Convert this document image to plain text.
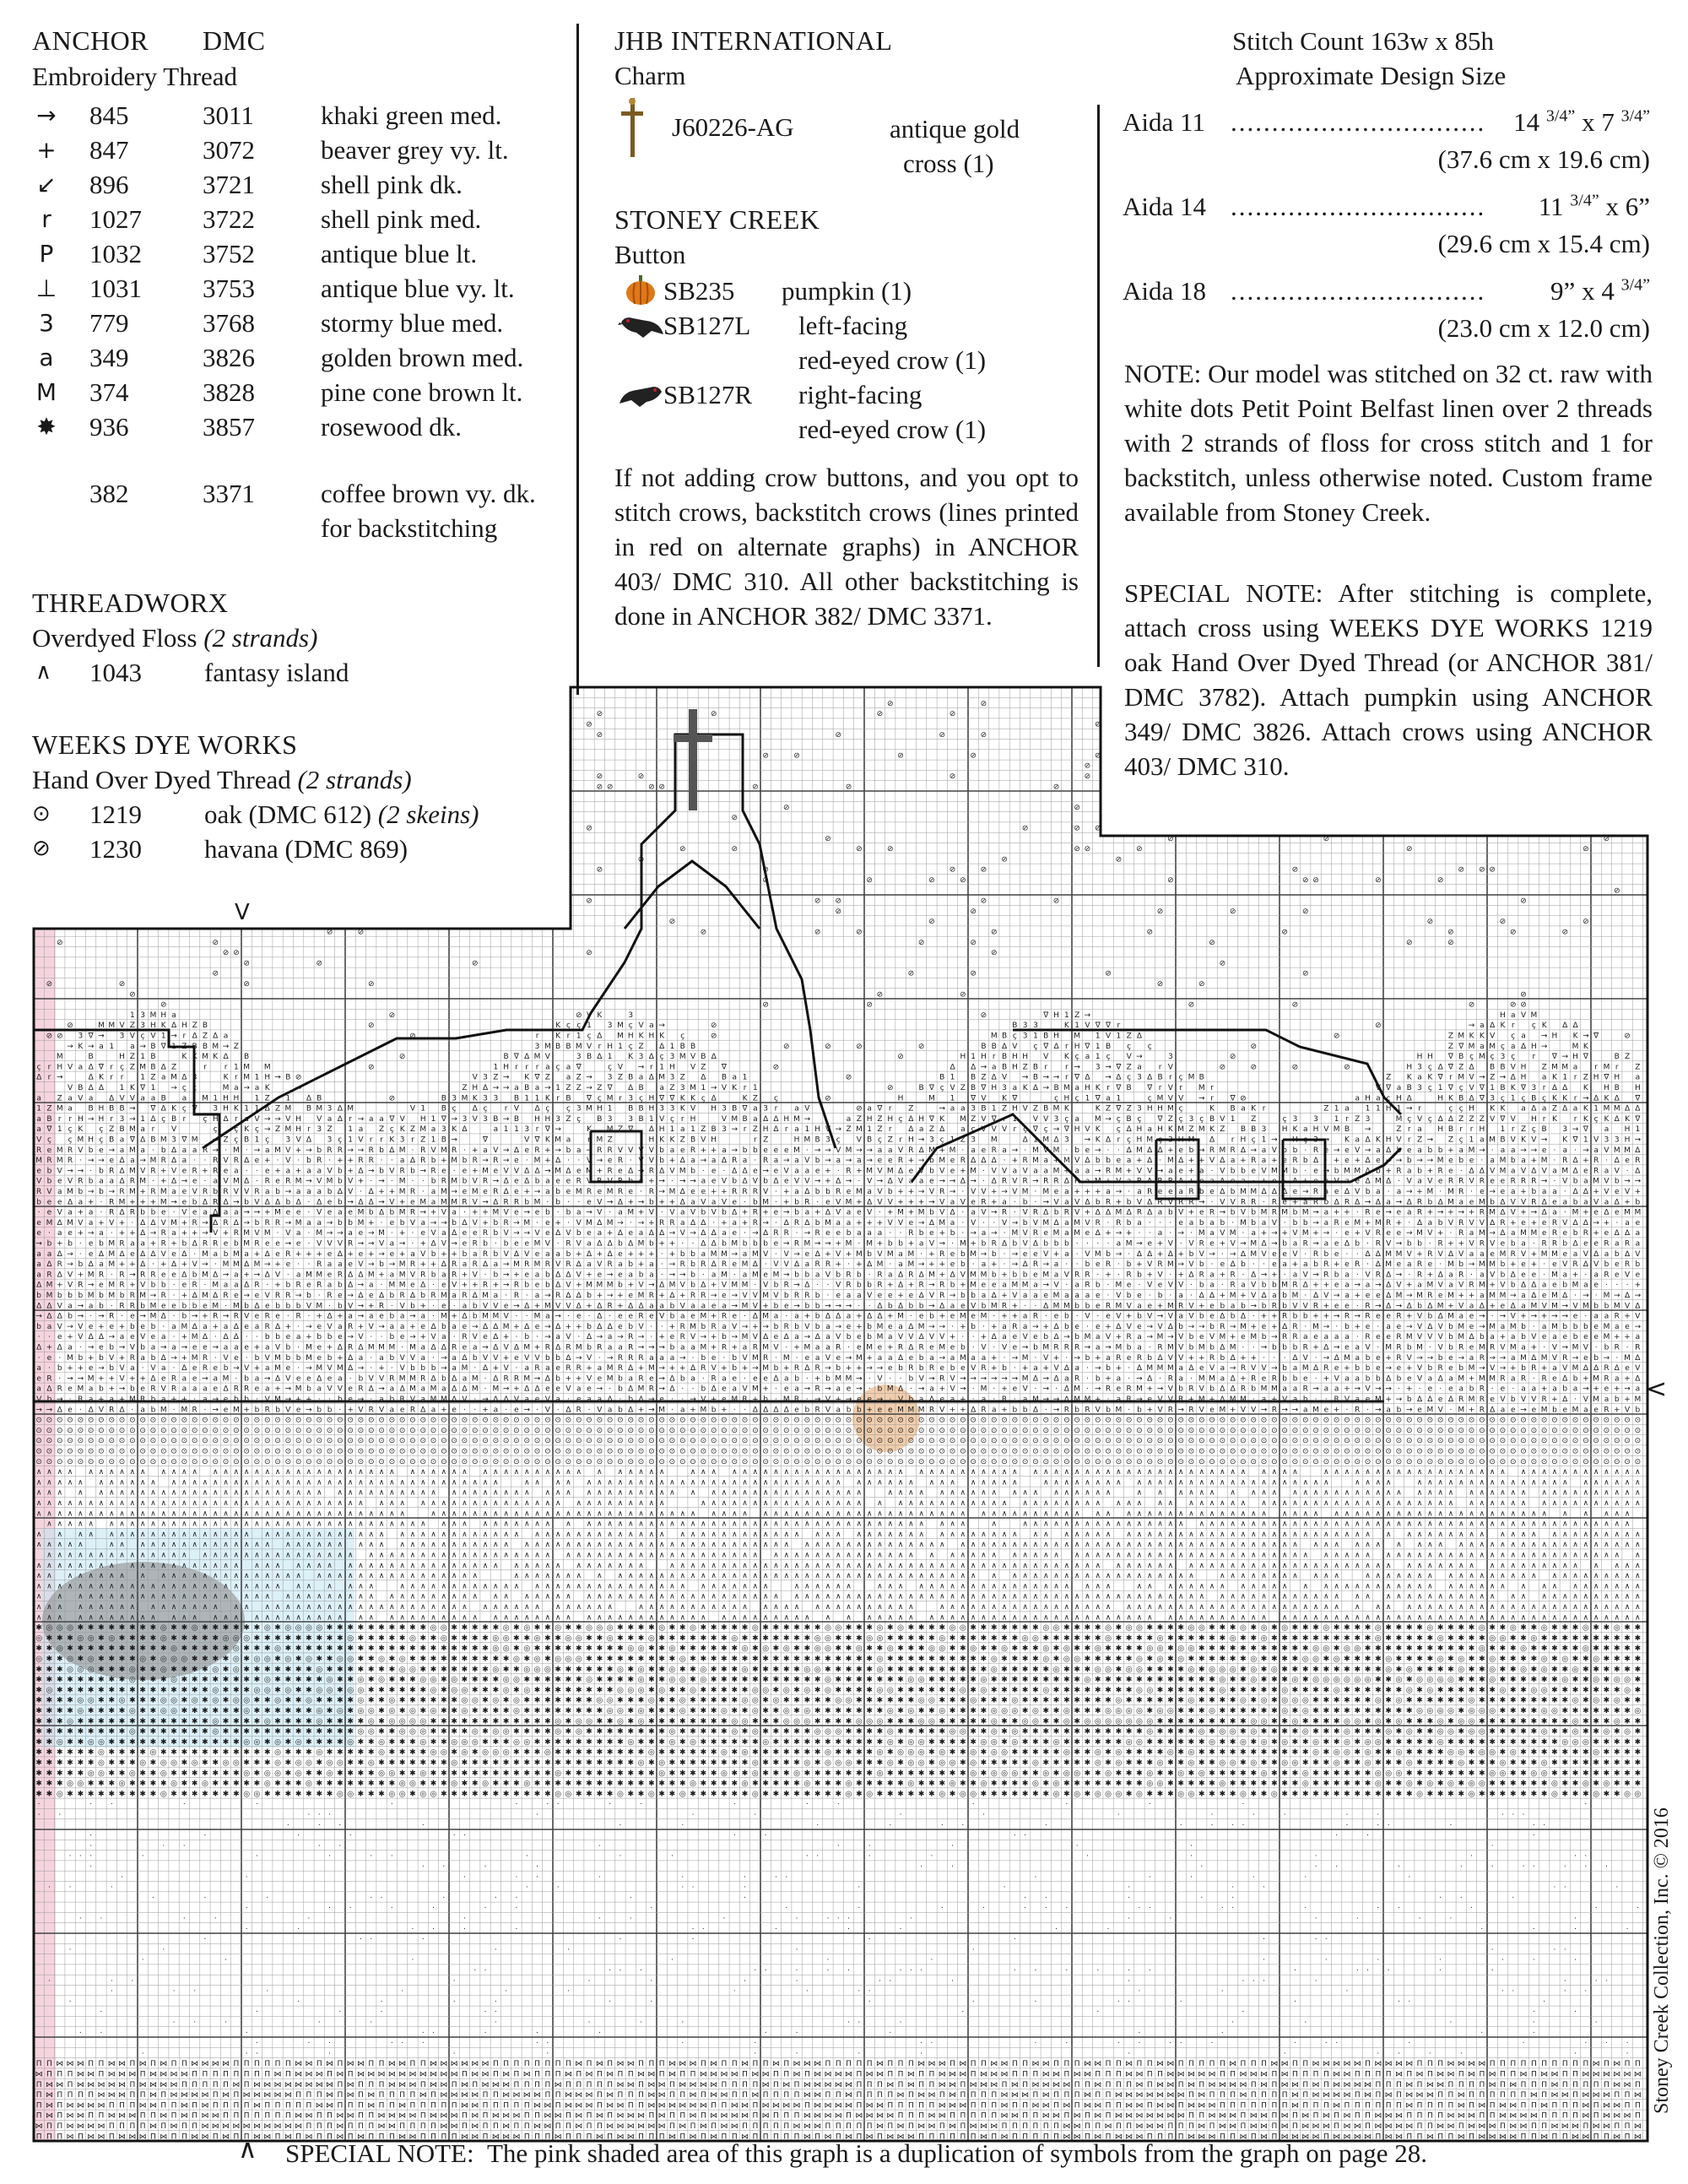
ANCHOR DMC
Embroidery Thread
→ 845	3011	khaki green med.
+ 847	3072	beaver grey vy. lt.
↙ 896	3721	shell pink dk.
r 1027 3722	shell pink med.
P 1032 3752	antique blue lt.
⊥ 1031 3753	antique blue vy. lt.
3 779	3768	stormy blue med.
a 349	3826	golden brown med.
M 374	3828	pine cone brown lt.
✸ 936	3857	rosewood dk.
382	3371	coffee brown vy. dk.
for backstitching
THREADWORX
Overdyed Floss (2 strands)
∧ 1043 fantasy island
WEEKS DYE WORKS
Hand Over Dyed Thread (2 strands)
⊙ 1219 oak (DMC 612) (2 skeins)
⊘ 1230 havana (DMC 869)
JHB INTERNATIONAL
Charm
J60226-AG	antique gold
cross (1)
STONEY CREEK
Button
SB235 pumpkin (1)
SB127L left-facing
red-eyed crow (1)
SB127R right-facing
red-eyed crow (1)
If not adding crow buttons, and you opt to stitch crows, backstitch crows (lines printed in red on alternate graphs) in ANCHOR 403/ DMC 310. All other backstitching is done in ANCHOR 382/ DMC 3371.
Stitch Count 163w x 85h
Approximate Design Size
Aida 11 .............................. 14 $^{3/4”}$ x 7 $^{3/4”}$
(37.6 cm x 19.6 cm)
Aida 14 .............................. 11 $^{3/4”}$ x 6”
(29.6 cm x 15.4 cm)
Aida 18 ..............................	9” x 4 $^{3/4”}$
(23.0 cm x 12.0 cm)
NOTE: Our model was stitched on 32 ct. raw with white dots Petit Point Belfast linen over 2 threads with 2 strands of floss for cross stitch and 1 for backstitch, unless otherwise noted. Custom frame available from Stoney Creek.
SPECIAL NOTE: After stitching is complete, attach cross using WEEKS DYE WORKS 1219 oak Hand Over Dyed Thread (or ANCHOR 381/ DMC 3782). Attach pumpkin using ANCHOR 349/ DMC 3826. Attach crows using ANCHOR 403/ DMC 310.
⊘	⊘
⊘	⊘	⊘	⊘
⊘	⊘
⊘	⊘	⊘	⊘
⊘	⊘	⊘	⊘	⊘
⊘
⊘	⊘	⊘	⊘
⊘ ⊘	⊘ ⊘	⊘	⊘	⊘
⊘	⊘
⊘
⊘	⊘	⊘ ⊘
⊘	⊘	⊘	⊘
⊘	⊘	⊘	⊘	⊘ ⊘	⊘	⊘	⊘
⊘	⊘	⊘
⊘	⊘	⊘	⊘	⊘	⊘ ⊘ ⊘
⊘	⊘	⊘	⊘	⊘	⊘ ⊘	⊘	⊘
⊘
⊘	⊘ ⊘	⊘	⊘	⊘
⊘	⊘	⊘	⊘	⊘
⊘	⊘	⊘	⊘	⊘
⊘	⊘	⊘	⊘	⊘	⊘	⊘	⊘	⊘	⊘	⊘
⊘	⊘	⊘	⊘	⊘	⊘	⊘
⊘ ⊘	⊘	⊘
⊘	⊘	⊘	⊘
⊘	⊘	⊘	⊘	⊘
⊘	⊘	⊘	⊘	⊘	⊘
⊘	⊘	⊘	⊘
⊘	⊘	⊘	⊘	⊘	⊘	⊘ ⊘
1 3 M H a	⊘	⊘ V K	3	⊘	∇ H 1 Z →	H a V M
⊘	M M V Z 3 H K Δ H Z B	⊘	K ç ç 1 3 M ç V a →	⊘	B 3 3	K 1 V ∇ ∇ r	⊘	→ a Δ K r ç K Δ Δ
⊘ ⊘ 3 ∇ → 3 V ç V 1 → r Δ Z Δ a	⊘	r K r 1 ç Δ M H K H K ç	⊘	M B ç 3 1 B H M 1 V 1 Z Δ	⊘	Z M K K V ç a → H K → ∇	⊘
→ K → a 1 a → B ∇ 1 Z B B M → Z	3 M B B M V r H 1 ç Z Δ 1 B B	⊘	⊘	⊘	⊘	B B Δ V ç ∇ Δ r H ∇ 1 B ç ç	⊘	Z ∇ M a M ç a Δ H →	M K
M	B	H Z 1 B	K K M K Δ B	⊘	B ∇ Δ M V	3 B Δ 1 K 3 Δ ç 3 M V B Δ	⊘	H 1 H r B H H V K ç a 1 ç V →	3	⊘	H H ∇ B ç M ç 3 ç r ∇ → H ∇	B Z
ç r H V a Δ ∇ r ç Z M B Δ Z	r r 1 M M	⊘	1 H r r r a ç a ∇	ç V → r 1 H V Z ∇	⊘	Δ Δ → a B H Z B r r → 3 → ∇ Z a r V	⊘	⊘	⊘	⊘	H 3 ç Δ ∇ Z Δ B B V H Z M M a r M r Z
Δ r →	Δ K r r 1 Z a M Δ 3	K r M 1 H → B ⊘	V 3 Z → K ∇ Z a Z → 3 Z B a Δ M 3 Z Δ B a 1	⊘	B 1 B Z Δ V → B → → r ∇ Δ → Δ ç 3 Δ B r ç M B	Z K a K ∇ r M V → Z → Δ H a K 1 r Z H ∇ H a
V B Δ Δ 1 K ∇ 1 → ç ç	M a → a K	→	Z H Δ → → a B a → 1 Z Z → Z ∇ Δ B a Z 3 M 1 → V K r 1	⊘	B ∇ ç V Z B ∇ H 3 a K Δ → B M a H K r ∇ B ∇ r V r M r	V ∇ a B 3 ç 1 ∇ ç V ∇ 1 B K ∇ 3 r Δ Δ K H B H
a Z a V a Δ V V a a B a M 1 H H 1 Z 1 Δ B	⊘	B 3 M K 3 3 B 1 1 K r B ∇ ç M r 3 ç H ∇ ∇ K K ç Δ	K Z ç	⊘	H	M 1 ∇ V K ∇	ç H ç 1 ∇ a 1	ç M V V → r ∇ ⊘	a H a ç H Δ	H K B Δ ∇ 3 ç 1 ç B ç K K r → Δ K Δ ∇
1 Z M a B H B B → ∇ Δ K ç ∇ 3 H K 1 1 Δ Z M B M 3 Δ M	V 1 B ç Δ ç r V Δ ç ç 3 M H 1 B B H 3 3 K V H 3 B ∇ a 3 r a V	⊘ a ∇ r Z	→ a a 3 B 1 Z H V Z B M K	K Z ∇ Z 3 H H M ç	K B a K r	Z 1 a 1 1 H 1 → r	ç ç H K K a Δ a Z Δ a K 1 M M Δ Δ
a B r r H → H r 3 → 1 Δ ç B r ç H Δ r a V → → V H V a Δ r → a a ∇ V H 1 ∇ → 3 V 3 B → B H H 3 Z ç B 3 3 B 1 V ç r H	V M B a Δ Δ H M →	a Z H Z H ç Δ H ∇ K M Z V ∇ r 1 V V 3 ç a M → ç B ç ∇ Z ç 3 ç B V 1 Z	ç 3 3 1 r Z 3	M ç V ç Δ Δ Z Z Z V ∇ V H r K r K ç K Δ K ∇
a ∇ 1 ç K ç Z B M a r V	ç ç K ç → Z M H r 3 Z 1 a Z ç K Z M a 3 K Δ	a 1 1 3 r ∇ →	K M Z ∇ Δ H 1 a 1 Z B 3 → r Z H Δ r a 1 H V → Z M 1 Z r Δ a Z Δ a ç V V V r ç ∇ ç → ∇ H V K ç Δ H a H K M Z M K Z B B 3 H K a H V M B →	Z r a H B r r H 1 r Z ç B 3 → ∇ a H 1
V ç ç M H ç B a ∇ Δ B M 3 ∇ M → Z ç B 1 ç 3 V Δ 3 ç 1 V r r K 3 r Z 1 B →	∇	V ∇ K M a r M Z	H K K Z B V H	r Z	H M B 3 ç V B ç Z r H → 3 ç 1 Z 3 M	Δ 1 M Δ 3 → K Δ r ç H M ç 3 H M Δ r H ç 1 → H ç 3 → K a Δ K H V r Z → Z ç 1 a M B V K V → K ∇ 1 V 3 3 H →
R e M R V b e → a M a · b Δ a a R → · M · → a M V + → b R R → → R b Δ M · R V M R · + a V → Δ e R + → b a → R R V V V V b a e R + + a → b b e e e M · → → V M → → a a V R Δ M + M · a e R a → · M V M · b e → · · Δ M Δ Δ + e b → R M R Δ → a V b b · R e → e V → a Δ b e a b b + a M → · a a → → e · a · → a V M M Δ
M R M R · → → e Δ a → M R Δ a · · R V R Δ e + · V · b R · + + R R · · a Δ R b + M b R → R → e · M + Δ · · V → e R · V V b + Δ a → a Δ R a · R a → a V b → a → a → e e R + → b M e R Δ Δ Δ · + R M a + M V Δ b b e a + Δ · M Δ + + V Δ a + R a + e R b Δ · + e + Δ e → → b → → M e b e · a M b a + M · R Δ + R · Δ e R
e b V → → · b R Δ M V R + V e R + R e a · · e + a + a a V b + Δ → b V R b → R e · e + M e V V Δ Δ → M Δ e M + R e Δ → R Δ V M b · e · Δ Δ e → e V a a e + · R + M V M Δ e V b V e + M · V V a V a a M + a a → R M + V V → a e + a · V b b e V M M b · e → b M M Δ b + R a b + R e · Δ Δ V M a V Δ V a M Δ e R a V · Δ
V b e V R b a a Δ R M · + Δ → e · a V M Δ · R e R M → V M b V + · → · M · · b R M b V R → Δ e Δ b a e e R V R V R b e + → · → → a e V b Δ V b Δ e V V → + Δ → · V → Δ V a a e → → Δ → · Δ R V R → R R Δ R a M + V a R Δ R R Δ + e a Δ e a · + e · Δ + e a V a e Δ M Δ · V a V e R R V R e e R R R → · V b a M V b → →
R V a M b → b → R M + R M a e V R b R V V R a b → a a a b Δ V · Δ + + M R · a M → e M e R Δ e + → a b e M R e M R e · R → M Δ e e + + R R R V · + a Δ b b R e M a V b + + → V R → · V V + → V M · M e a + + + a → · a R e e a R b e Δ b M M Δ Δ Δ e → R a e Δ V b a · a → + M · M R · e → e a + b a a · Δ Δ + V e V +
b e e Δ a + · R M + + + M → e b Δ R Δ → b V Δ Δ b Δ · Δ e b → Δ Δ → V + e M a M M R V → Δ R R b M · b · · e V → Δ + → b + + Δ a V a V e · b M · + b R · e V M + Δ V V + + + → V a V e R + a · b · → V a V Δ b R + b V Δ R V R R → · V V R R · R e + a R b Δ R Δ → Δ a → Δ R b Δ M a e M b Δ V V R Δ e a b a V a Δ + b
· e V a + a · R Δ R b b e · V e a Δ a a → → + M e e · V e a e M b Δ b M R → + V a · + + M V e → e b · b a → V · a M + V · V a V b V b Δ + R + e → b a + Δ V a e V · + M + M b V Δ · a V → R · V R Δ b R V + Δ Δ M Δ R Δ a b V + e R → b V b M R M b M → a + + · R e → e a R + → + → + R M Δ V + → Δ a · M + e Δ e M M
e M Δ M V a + V + · Δ Δ V M + R → Δ R Δ → b R R → M a a → b b M + · e b V a → → b Δ V + b R → M · e + · V M Δ M → · → + R R a Δ Δ · + a + R → · Δ R Δ b M a a + + + V V e → Δ M a · V · · V → b V M Δ a M V R · R b a · · · e a b a b · M b a V · b b → a R e M + M R + · Δ a b V R V V Δ R + e + e R V Δ Δ → + · a e
e · a e + → a · + + Δ → R a + + → V + R M V M · V a · M → → a e → M · + · e V a Δ e e R b V → → V e Δ V b e a + Δ e a Δ Δ → V → Δ Δ a e · → Δ R R · → R e e b a a a · · R b e + b · → a → · M V R e M a M e Δ + → + · · a · → · M a V M · a + → + V M + → · e + V R e e → M V + · R a M → Δ a M M e R e b R + e Δ Δ a
→ b + b · e b M R a a + R + b Δ R R e b M R e e → e · V V V R → → V a → · + Δ V → e R b · b e e M V · R V a Δ Δ b Δ M b + + · · Δ Δ b M b b b e → R M → → + M · M + b b + a V → · M + b R Δ b V Δ b b b · · · · a M → e + V · V R e + V → M Δ → b a R → a e Δ b · R V → b b · R + + V R V e b a · R R b Δ e e R a R a
a a Δ → · e Δ M Δ e Δ Δ V e Δ · M a b M a + Δ e R + + + e Δ + e + → e + a V b + + b a R b V Δ V e a a b + Δ + Δ e + + + · + b b a M M → a M V · V → e Δ + V + M b V M a M · + R e b M → b · → e e V + a · V M b → · Δ Δ + Δ + b V → · → Δ M V e e V · R b e · · Δ Δ M M V + R V Δ V a a e M R V + M M e a V Δ a b Δ V
a Δ R → b Δ a M + + Δ · + Δ + V → · M M Δ M → + e · · R a a e V → b → M R + + Δ R a R Δ a → M R M R V R Δ a V R a b + a · → R b R Δ R e M Δ · V V Δ a R R + · + Δ M · a M → + + e b · a + · → Δ R → a · · b e R · b + V R M → V b · e Δ b · · e a + a b R + e R · Δ M e a R e · M b → M M b + e + · e V R Δ V b e R b
a R Δ V + M R · R → R R e e Δ b M Δ → a + → Δ V · a M M e R Δ Δ M + a M V R b a R + V · b → + e a b Δ Δ V + e → e a b a · → → b · a M · a M e M → b b a V b R b · R a Δ R Δ M + Δ V M M b + b b e M a V R R · + · R b + V · + Δ R a + R · Δ → + · a V → R b a · V R Δ → · R + Δ a R · a V b Δ e e · M a + · a R e V e
Δ M + V R → e M R + V b b · e R · M a a Δ R · + b R e R a b Δ → a · M M e Δ · e V + + R + → R b e b Δ V + M M M b + V → Δ M V b Δ + V M M · V b R → Δ · · V R b b R + Δ + R → R b + M e e a M M a → V · a R b · M e · V e V V · b a · R a V b b M R Δ + + e a → a → Δ V + a M V a V R M + V b Δ Δ a e b M a e · · · +
b M b b b M b M b R M → R · + Δ M Δ R e → e V R R → b · R e → Δ e Δ b R Δ b R M a R Δ M a · R · a → R Δ Δ b + → + e M R + Δ + R R → e → V V M V b R R b · e a a V e e + e Δ V R → b b a Δ + V a a e M a a a e · V b e · b · a · Δ Δ + M + V Δ a b M · Δ V → a + e e Δ M → M R e M + + a M M → a Δ e M Δ · → · M → Δ →
Δ Δ V a → a b · R R b M e e b b e M · M b Δ e b b b V M · b V → + R · V b + · e · a b V V e → Δ + M V V Δ + Δ R + Δ Δ a a b V a a e a → M V + b e → b b → → → · · Δ b Δ b b → Δ a e V b M R + · · Δ M M b b e R M V a e + M R V + e b a b → b R b V V R + e e · R → Δ → Δ b Δ M + V a Δ + e Δ a M V M → V M b b M V Δ
→ Δ Δ b → · → R · e → M Δ · b → + R → R V e R e · R · + Δ + a → a e b a → a · M + Δ b M M V · · M a → · e · Δ · e e R e V b a e M + R e · Δ M a · a + b Δ Δ a + Δ Δ + M · e b + e M e M · + + a R · e b · V · e V + b V → V a V b e Δ b Δ · + + R b b + + → R → R e e R + V b Δ M a e → · → V + → + → → e · a a R + V
b a V → V e + e + b e b · a M Δ a + a Δ e a R Δ + · → e V a R + V → a a + e Δ b a e → Δ Δ M + Δ e → Δ + + b Δ Δ e b V · · + R M b R a V → + → b R b V b a → e + b M e a Δ M → → · + b · + a R a → + Δ b e · e + Δ V e → V Δ b → → b R → M + e + Δ R · M → · b + e · a e → V Δ V b M e → M a M b · a M b b b e M a e →
· · e + V Δ Δ → a e V e a · + M Δ · Δ Δ · · b b e a + b b e → V · · b e → + V a · R V e Δ + · b · → a V · Δ → a → R → · + e R V → + b → M V Δ e Δ a → Δ a V b e b M a V V Δ V V + · · + Δ a e V e b Δ → b M a V + R a → M → V b e V M + e M b → R R a e a a a · R e e R M V V V b M Δ b a + a b V e a e b e e M + + a
Δ + Δ a · → e b → V b a → a → e e → a a e + a V b · M e + Δ R Δ M M M · M a Δ Δ R e a → Δ V Δ M + R Δ R M b R a a R → → → b a a M + R + a R M V · + M a a R · e M e + R Δ R e M e b · V · V e → b M R R R → a → M b a · R M V b M b Δ M · · → b b b R + Δ → e a V · M R b M · V b R e M R V M a + · V → M V · b R · R
· e · M b + b V + R a b Δ → + M R · V e · b V M b b M e b + Δ a · a b V V a · → a Δ b V V + e V V b b Δ → V · → R R R a a a → · b e · b V M R · M · e a V e → M + a a Δ e b a → a M a a + · → M · V + · → b + a R e R b Δ V V + + R b Δ + + · · · Δ V · → Δ M a b e + R V → → b e → a R → → a M Δ M V R → e b → · M Δ
a · b + + e → b V a · V a · Δ e R e b → V + a M e · → M V M Δ → · + · V b b b → a M · Δ + V · a R a e R R + a M R Δ + M → + + Δ R V + b + → M b + R Δ R → b + + → → e b R b R e b e V R + b · + a + V Δ a · → b + · Δ M M M a Δ e V a → R V V → b a M Δ R e + b b e → e + V b R e b M → V → + b R + a V M Δ Δ R Δ e V
e R · → → M + + V + + Δ e R a e → a M · b a → Δ V e e Δ e a · b V V R M M R Δ b Δ a M · Δ R R M → Δ b + + V e M b a R e → Δ b a · R a e · e e Δ a b · + b M M → · V · · b V → R V → → → → → → M Δ → Δ a R · b + a · → Δ · R a · M M a Δ + R e R b b e · + V a a b b Δ b e V a Δ a M + M M R a R · R e Δ b + M R a + Δ
a Δ R e M a b + → b e R V R a a a e Δ R R e a + → M b a V V e R Δ → a Δ M a M a Δ Δ M · M → + Δ Δ e e V a e → · b Δ M R → Δ · · b Δ e a V M + · e a → R → a e → · b M Δ · → a + V → · M · + e V · → · Δ M · → R e R M + → V b R V b Δ Δ R b M M a a R → a a + → V → → · + · e · e a b R · e · a a + a b a → + e + → a
V b → · R a + a + M R b a + + · a → e b b · V M → + + · · b e → · a b R V a M M Δ V · → Δ Δ V a e V a · e a a Δ · b Δ → e · · → V + e M R + b · M R · → V + → e e → · V b a Δ e a + · a · R · a M → → Δ M M + · a R → e V V R + M + Δ M M · a + V a b · · R V a e M + → b Δ Δ e Δ R M R e V b V V R + Δ · V M a b + M
→ → Δ e · Δ V R Δ · a b M · M R · → e M + b R b V e → b b · + V R V a e R Δ a + e · · + a · e → · V · Δ R · V a b Δ + → M · a + M b + · · Δ Δ Δ Δ e b R V a b b + e e M M M R V + + Δ R a + b b Δ · → R b R V b M · b + V R → R V e M + V V → R → → a M e + · R · → a b → e M V · M + R Δ a e → e M b e M a e R + V b
⊙ ⊙ ⊙ ⊙ ⊙ ⊙ ⊙ ⊙ ⊙ ⊙ ⊙ ⊙ ⊙ ⊙ ⊙ ⊙ ⊙ ⊙ ⊙ ⊙ ⊙ ⊙ ⊙ ⊙ ⊙ ⊙ ⊙ ⊙ ⊙ ⊙ ⊙ ⊙ ⊙ ⊙ ⊙ ⊙ ⊙ ⊙ ⊙ ⊙ ⊙ ⊙ ⊙ ⊙ ⊙ ⊙ ⊙ ⊙ ⊙ ⊙ ⊙ ⊙ ⊙ ⊙ ⊙ ⊙ ⊙ ⊙ ⊙ ⊙ ⊙ ⊙ ⊙ ⊙ ⊙ ⊙ ⊙ ⊙ ⊙ ⊙ ⊙ ⊙ ⊙ ⊙ ⊙ ⊙ ⊙ ⊙ ⊙ ⊙ ⊙ ⊙ ⊙ ⊙ ⊙ ⊙ ⊙ ⊙ ⊙ ⊙ ⊙ ⊙ ⊙ ⊙ ⊙ ⊙ ⊙ ⊙ ⊙ ⊙ ⊙ ⊙ ⊙ ⊙ ⊙ ⊙ ⊙ ⊙ ⊙ ⊙ ⊙ ⊙ ⊙ ⊙ ⊙ ⊙ ⊙ ⊙ ⊙ ⊙ ⊙ ⊙ ⊙ ⊙ ⊙ ⊙ ⊙ ⊙ ⊙ ⊙ ⊙ ⊙ ⊙ ⊙ ⊙ ⊙ ⊙ ⊙ ⊙ ⊙ ⊙ ⊙ ⊙ ⊙ ⊙ ⊙ ⊙ ⊙ ⊙ ⊙ ⊙ ⊙ ⊙ ⊙ ⊙
⊙ ⊙ ⊙ ⊙ ⊙ ⊙ ⊙ ⊙ ⊙ ⊙ ⊙ ⊙ ⊙ ⊙ ⊙ ⊙ ⊙ ⊙ ⊙ ⊙ ⊙ ⊙ ⊙ ⊙ ⊙ ⊙ ⊙ ⊙ ⊙ ⊙ ⊙ ⊙ ⊙ ⊙ ⊙ ⊙ ⊙ ⊙ ⊙ ⊙ ⊙ ⊙ ⊙ ⊙ ⊙ ⊙ ⊙ ⊙ ⊙ ⊙ ⊙ ⊙ ⊙ ⊙ ⊙ ⊙ ⊙ ⊙ ⊙ ⊙ ⊙ ⊙ ⊙ ⊙ ⊙ ⊙ ⊙ ⊙ ⊙ ⊙ ⊙ ⊙ ⊙ ⊙ ⊙ ⊙ ⊙ ⊙ ⊙ ⊙ ⊙ ⊙ ⊙ ⊙ ⊙ ⊙ ⊙ ⊙ ⊙ ⊙ ⊙ ⊙ ⊙ ⊙ ⊙ ⊙ ⊙ ⊙ ⊙ ⊙ ⊙ ⊙ ⊙ ⊙ ⊙ ⊙ ⊙ ⊙ ⊙ ⊙ ⊙ ⊙ ⊙ ⊙ ⊙ ⊙ ⊙ ⊙ ⊙ ⊙ ⊙ ⊙ ⊙ ⊙ ⊙ ⊙ ⊙ ⊙ ⊙ ⊙ ⊙ ⊙ ⊙ ⊙ ⊙ ⊙ ⊙ ⊙ ⊙ ⊙ ⊙ ⊙ ⊙ ⊙ ⊙ ⊙ ⊙ ⊙ ⊙ ⊙ ⊙ ⊙ ⊙ ⊙ ⊙
⊙ ⊙ ⊙ ⊙ ⊙ ⊙ ⊙ ⊙ ⊙ ⊙ ⊙ ⊙ ⊙ ⊙ ⊙ ⊙ ⊙ ⊙ ⊙ ⊙ ⊙ ⊙ ⊙ ⊙ ⊙ ⊙ ⊙ ⊙ ⊙ ⊙ ⊙ ⊙ ⊙ ⊙ ⊙ ⊙ ⊙ ⊙ ⊙ ⊙ ⊙ ⊙ ⊙ ⊙ ⊙ ⊙ ⊙ ⊙ ⊙ ⊙ ⊙ ⊙ ⊙ ⊙ ⊙ ⊙ ⊙ ⊙ ⊙ ⊙ ⊙ ⊙ ⊙ ⊙ ⊙ ⊙ ⊙ ⊙ ⊙ ⊙ ⊙ ⊙ ⊙ ⊙ ⊙ ⊙ ⊙ ⊙ ⊙ ⊙ ⊙ ⊙ ⊙ ⊙ ⊙ ⊙ ⊙ ⊙ ⊙ ⊙ ⊙ ⊙ ⊙ ⊙ ⊙ ⊙ ⊙ ⊙ ⊙ ⊙ ⊙ ⊙ ⊙ ⊙ ⊙ ⊙ ⊙ ⊙ ⊙ ⊙ ⊙ ⊙ ⊙ ⊙ ⊙ ⊙ ⊙ ⊙ ⊙ ⊙ ⊙ ⊙ ⊙ ⊙ ⊙ ⊙ ⊙ ⊙ ⊙ ⊙ ⊙ ⊙ ⊙ ⊙ ⊙ ⊙ ⊙ ⊙ ⊙ ⊙ ⊙ ⊙ ⊙ ⊙ ⊙ ⊙ ⊙ ⊙ ⊙ ⊙ ⊙ ⊙ ⊙ ⊙ ⊙
⊙ ⊙ ⊙ ⊙ ⊙ ⊙ ⊙ ⊙ ⊙ ⊙ ⊙ ⊙ ⊙ ⊙ ⊙ ⊙ ⊙ ⊙ ⊙ ⊙ ⊙ ⊙ ⊙ ⊙ ⊙ ⊙ ⊙ ⊙ ⊙ ⊙ ⊙ ⊙ ⊙ ⊙ ⊙ ⊙ ⊙ ⊙ ⊙ ⊙ ⊙ ⊙ ⊙ ⊙ ⊙ ⊙ ⊙ ⊙ ⊙ ⊙ ⊙ ⊙ ⊙ ⊙ ⊙ ⊙ ⊙ ⊙ ⊙ ⊙ ⊙ ⊙ ⊙ ⊙ ⊙ ⊙ ⊙ ⊙ ⊙ ⊙ ⊙ ⊙ ⊙ ⊙ ⊙ ⊙ ⊙ ⊙ ⊙ ⊙ ⊙ ⊙ ⊙ ⊙ ⊙ ⊙ ⊙ ⊙ ⊙ ⊙ ⊙ ⊙ ⊙ ⊙ ⊙ ⊙ ⊙ ⊙ ⊙ ⊙ ⊙ ⊙ ⊙ ⊙ ⊙ ⊙ ⊙ ⊙ ⊙ ⊙ ⊙ ⊙ ⊙ ⊙ ⊙ ⊙ ⊙ ⊙ ⊙ ⊙ ⊙ ⊙ ⊙ ⊙ ⊙ ⊙ ⊙ ⊙ ⊙ ⊙ ⊙ ⊙ ⊙ ⊙ ⊙ ⊙ ⊙ ⊙ ⊙ ⊙ ⊙ ⊙ ⊙ ⊙ ⊙ ⊙ ⊙ ⊙ ⊙ ⊙ ⊙ ⊙ ⊙ ⊙ ⊙
⊙ ⊙ ⊙ ⊙ ⊙ ⊙ ⊙ ⊙ ⊙ ⊙ ⊙ ⊙ ⊙ ⊙ ⊙ ⊙ ⊙ ⊙ ⊙ ⊙ ⊙ ⊙ ⊙ ⊙ ⊙ ⊙ ⊙ ⊙ ⊙ ⊙ ⊙ ⊙ ⊙ ⊙ ⊙ ⊙ ⊙ ⊙ ⊙ ⊙ ⊙ ⊙ ⊙ ⊙ ⊙ ⊙ ⊙ ⊙ ⊙ ⊙ ⊙ ⊙ ⊙ ⊙ ⊙ ⊙ ⊙ ⊙ ⊙ ⊙ ⊙ ⊙ ⊙ ⊙ ⊙ ⊙ ⊙ ⊙ ⊙ ⊙ ⊙ ⊙ ⊙ ⊙ ⊙ ⊙ ⊙ ⊙ ⊙ ⊙ ⊙ ⊙ ⊙ ⊙ ⊙ ⊙ ⊙ ⊙ ⊙ ⊙ ⊙ ⊙ ⊙ ⊙ ⊙ ⊙ ⊙ ⊙ ⊙ ⊙ ⊙ ⊙ ⊙ ⊙ ⊙ ⊙ ⊙ ⊙ ⊙ ⊙ ⊙ ⊙ ⊙ ⊙ ⊙ ⊙ ⊙ ⊙ ⊙ ⊙ ⊙ ⊙ ⊙ ⊙ ⊙ ⊙ ⊙ ⊙ ⊙ ⊙ ⊙ ⊙ ⊙ ⊙ ⊙ ⊙ ⊙ ⊙ ⊙ ⊙ ⊙ ⊙ ⊙ ⊙ ⊙ ⊙ ⊙ ⊙ ⊙ ⊙ ⊙ ⊙ ⊙ ⊙ ⊙
∧ ∧ ∧ ∧ ∧ ∧ ∧ ∧ ∧ ∧ ∧ ∧ ∧ ∧ ∧ ∧ ∧ ∧ ∧ ∧ ∧ ∧ ∧ ∧ ∧ ∧ ∧ ∧ ∧ ∧ ∧ ∧ ∧ ∧ ∧ ∧ ∧ ∧ ∧ ∧ ∧ ∧ ∧ ∧ ∧ ∧ ∧ ∧ ∧ ∧ ∧ ∧ ∧ ∧	∧ ∧ ∧ ∧ ∧ ∧ ∧ ∧ ∧ ∧ ∧ ∧ ∧ ∧ ∧ ∧ ∧ ∧ ∧ ∧ ∧ ∧ ∧ ∧ ∧ ∧ ∧ ∧ ∧ ∧ ∧ ∧ ∧ ∧ ∧ ∧ ∧ ∧ ∧ ∧ ∧ ∧ ∧ ∧ ∧ ∧ ∧ ∧ ∧ ∧ ∧ ∧ ∧ ∧ ∧	∧ ∧ ∧ ∧ ∧ ∧ ∧ ∧ ∧ ∧ ∧ ∧ ∧ ∧ ∧ ∧ ∧ ∧ ∧ ∧ ∧ ∧ ∧ ∧ ∧ ∧ ∧ ∧ ∧ ∧
∧ ∧ ∧ ∧ ∧ ∧ ∧ ∧ ∧ ∧ ∧ ∧ ∧ ∧ ∧ ∧ ∧ ∧ ∧ ∧ ∧ ∧ ∧ ∧ ∧ ∧ ∧ ∧ ∧ ∧ ∧ ∧ ∧ ∧ ∧ ∧ ∧ ∧ ∧ ∧ ∧ ∧ ∧	∧ ∧ ∧ ∧ ∧ ∧ ∧ ∧ ∧ ∧ ∧ ∧ ∧ ∧ ∧ ∧ ∧ ∧ ∧ ∧ ∧ ∧ ∧ ∧ ∧ ∧ ∧ ∧ ∧ ∧ ∧ ∧ ∧ ∧ ∧ ∧ ∧ ∧ ∧ ∧ ∧ ∧ ∧	∧ ∧ ∧ ∧ ∧ ∧ ∧ ∧ ∧ ∧ ∧ ∧ ∧ ∧ ∧ ∧ ∧ ∧ ∧ ∧ ∧ ∧ ∧ ∧ ∧ ∧ ∧	∧ ∧ ∧ ∧	∧ ∧ ∧ ∧ ∧ ∧ ∧ ∧ ∧ ∧ ∧ ∧ ∧ ∧ ∧ ∧ ∧ ∧ ∧ ∧ ∧
∧ ∧ ∧ ∧ ∧ ∧ ∧ ∧ ∧ ∧ ∧ ∧ ∧ ∧ ∧ ∧ ∧ ∧ ∧ ∧ ∧ ∧ ∧ ∧ ∧ ∧ ∧ ∧ ∧ ∧ ∧ ∧ ∧ ∧ ∧ ∧ ∧ ∧ ∧ ∧ ∧ ∧ ∧ ∧ ∧ ∧ ∧ ∧ ∧ ∧ ∧ ∧ ∧ ∧ ∧ ∧ ∧ ∧ ∧ ∧ ∧ ∧ ∧ ∧ ∧ ∧ ∧ ∧ ∧ ∧ ∧ ∧	∧ ∧ ∧ ∧ ∧ ∧ ∧ ∧ ∧ ∧ ∧ ∧ ∧ ∧ ∧ ∧ ∧ ∧ ∧	∧ ∧ ∧ ∧ ∧ ∧ ∧ ∧ ∧ ∧ ∧ ∧ ∧ ∧ ∧ ∧ ∧ ∧ ∧ ∧ ∧ ∧ ∧ ∧ ∧ ∧ ∧ ∧ ∧ ∧ ∧ ∧ ∧ ∧ ∧ ∧ ∧ ∧ ∧ ∧ ∧
∧ ∧ ∧ ∧ ∧ ∧ ∧ ∧ ∧ ∧ ∧ ∧ ∧ ∧ ∧ ∧ ∧ ∧ ∧ ∧ ∧ ∧ ∧ ∧ ∧ ∧ ∧ ∧ ∧ ∧ ∧ ∧ ∧ ∧ ∧ ∧ ∧ ∧ ∧ ∧ ∧ ∧ ∧ ∧ ∧ ∧ ∧ ∧ ∧ ∧ ∧ ∧ ∧ ∧ ∧ ∧ ∧ ∧	∧ ∧ ∧ ∧ ∧ ∧ ∧ ∧ ∧ ∧ ∧ ∧ ∧ ∧ ∧ ∧ ∧ ∧ ∧ ∧ ∧ ∧ ∧ ∧ ∧ ∧ ∧ ∧ ∧ ∧ ∧ ∧ ∧ ∧ ∧ ∧ ∧ ∧ ∧ ∧ ∧ ∧ ∧ ∧ ∧ ∧ ∧ ∧ ∧ ∧ ∧ ∧ ∧ ∧ ∧ ∧ ∧ ∧ ∧ ∧ ∧ ∧ ∧ ∧ ∧ ∧ ∧ ∧ ∧ ∧ ∧ ∧ ∧ ∧ ∧ ∧ ∧ ∧ ∧ ∧ ∧ ∧
∧ ∧ ∧ ∧ ∧ ∧ ∧ ∧ ∧ ∧ ∧ ∧ ∧ ∧ ∧ ∧ ∧ ∧ ∧ ∧ ∧ ∧ ∧ ∧ ∧ ∧ ∧ ∧ ∧ ∧ ∧ ∧ ∧ ∧ ∧ ∧	∧ ∧ ∧ ∧ ∧ ∧ ∧ ∧ ∧ ∧ ∧ ∧ ∧ ∧ ∧ ∧ ∧ ∧ ∧ ∧ ∧ ∧ ∧ ∧ ∧ ∧ ∧ ∧ ∧ ∧ ∧ ∧ ∧ ∧ ∧ ∧ ∧ ∧ ∧ ∧ ∧ ∧ ∧ ∧ ∧ ∧ ∧ ∧ ∧ ∧ ∧ ∧ ∧ ∧ ∧ ∧ ∧ ∧ ∧ ∧ ∧ ∧ ∧ ∧ ∧ ∧ ∧ ∧ ∧ ∧ ∧ ∧ ∧ ∧ ∧ ∧ ∧ ∧ ∧ ∧ ∧ ∧ ∧ ∧ ∧ ∧ ∧ ∧ ∧ ∧ ∧ ∧ ∧ ∧ ∧ ∧ ∧ ∧ ∧ ∧ ∧ ∧ ∧ ∧ ∧ ∧
∧ ∧ ∧ ∧ ∧ ∧ ∧ ∧ ∧ ∧ ∧ ∧ ∧ ∧ ∧ ∧ ∧ ∧ ∧ ∧ ∧ ∧ ∧ ∧ ∧ ∧ ∧ ∧ ∧ ∧ ∧ ∧ ∧ ∧ ∧ ∧ ∧ ∧ ∧ ∧ ∧ ∧ ∧ ∧ ∧ ∧ ∧ ∧ ∧ ∧ ∧ ∧ ∧ ∧ ∧ ∧ ∧ ∧ ∧ ∧ ∧ ∧ ∧ ∧ ∧ ∧ ∧ ∧ ∧ ∧ ∧ ∧ ∧ ∧ ∧ ∧ ∧ ∧ ∧ ∧ ∧ ∧ ∧	∧	∧ ∧ ∧ ∧ ∧ ∧ ∧ ∧ ∧ ∧ ∧ ∧ ∧ ∧ ∧ ∧ ∧ ∧ ∧ ∧ ∧ ∧ ∧ ∧ ∧ ∧ ∧ ∧ ∧ ∧ ∧ ∧ ∧ ∧ ∧ ∧ ∧ ∧ ∧ ∧ ∧ ∧ ∧ ∧ ∧ ∧ ∧ ∧ ∧ ∧ ∧ ∧ ∧ ∧ ∧ ∧ ∧ ∧
∧ ∧ ∧ ∧ ∧ ∧ ∧ ∧ ∧ ∧ ∧ ∧ ∧ ∧ ∧ ∧ ∧ ∧ ∧ ∧ ∧ ∧ ∧ ∧ ∧ ∧ ∧ ∧ ∧ ∧ ∧ ∧ ∧ ∧ ∧ ∧ ∧ ∧ ∧ ∧ ∧ ∧ ∧ ∧ ∧ ∧ ∧ ∧ ∧ ∧ ∧ ∧ ∧ ∧ ∧ ∧ ∧ ∧ ∧ ∧ ∧ ∧ ∧ ∧ ∧ ∧ ∧ ∧ ∧ ∧ ∧ ∧ ∧ ∧ ∧ ∧ ∧ ∧ ∧ ∧ ∧ ∧ ∧ ∧ ∧ ∧ ∧ ∧ ∧ ∧ ∧ ∧ ∧ ∧ ∧ ∧ ∧ ∧ ∧ ∧ ∧ ∧ ∧ ∧ ∧ ∧ ∧ ∧ ∧ ∧ ∧ ∧ ∧ ∧ ∧ ∧ ∧ ∧ ∧ ∧ ∧ ∧ ∧ ∧ ∧ ∧ ∧ ∧ ∧ ∧ ∧ ∧ ∧ ∧ ∧ ∧ ∧ ∧
∧ ∧ ∧ ∧ ∧	∧ ∧ ∧ ∧ ∧ ∧ ∧ ∧ ∧ ∧ ∧ ∧ ∧ ∧ ∧ ∧ ∧ ∧ ∧ ∧ ∧ ∧ ∧ ∧ ∧ ∧ ∧ ∧ ∧ ∧ ∧ ∧ ∧ ∧ ∧ ∧ ∧ ∧ ∧ ∧ ∧ ∧ ∧ ∧ ∧ ∧ ∧ ∧ ∧ ∧ ∧ ∧ ∧ ∧ ∧ ∧ ∧ ∧ ∧ ∧ ∧ ∧ ∧ ∧ ∧ ∧ ∧ ∧ ∧ ∧ ∧ ∧ ∧ ∧ ∧ ∧ ∧ ∧ ∧ ∧ ∧ ∧ ∧ ∧ ∧ ∧ ∧ ∧ ∧ ∧ ∧ ∧ ∧ ∧ ∧ ∧ ∧ ∧ ∧ ∧ ∧ ∧ ∧ ∧ ∧ ∧ ∧ ∧ ∧ ∧ ∧ ∧ ∧ ∧ ∧ ∧ ∧ ∧ ∧ ∧ ∧ ∧ ∧ ∧ ∧ ∧ ∧ ∧ ∧ ∧ ∧ ∧ ∧ ∧ ∧ ∧
∧ ∧ ∧ ∧ ∧ ∧ ∧ ∧ ∧ ∧ ∧ ∧ ∧ ∧ ∧ ∧ ∧ ∧ ∧ ∧ ∧ ∧ ∧ ∧ ∧ ∧ ∧ ∧ ∧ ∧ ∧ ∧ ∧ ∧ ∧ ∧ ∧ ∧ ∧ ∧ ∧ ∧ ∧ ∧ ∧ ∧ ∧ ∧ ∧ ∧ ∧ ∧ ∧ ∧ ∧ ∧ ∧ ∧ ∧ ∧ ∧ ∧ ∧ ∧ ∧ ∧ ∧ ∧ ∧ ∧ ∧ ∧ ∧ ∧ ∧ ∧ ∧ ∧ ∧ ∧ ∧ ∧ ∧ ∧ ∧ ∧ ∧ ∧ ∧ ∧ ∧ ∧ ∧ ∧ ∧ ∧ ∧ ∧ ∧ ∧ ∧ ∧ ∧ ∧ ∧ ∧ ∧ ∧ ∧ ∧ ∧ ∧ ∧ ∧ ∧ ∧ ∧ ∧ ∧ ∧ ∧ ∧ ∧ ∧ ∧ ∧ ∧ ∧ ∧ ∧ ∧ ∧ ∧ ∧ ∧ ∧ ∧ ∧ ∧ ∧ ∧ ∧ ∧
∧ ∧ ∧ ∧ ∧ ∧ ∧ ∧ ∧ ∧ ∧ ∧ ∧ ∧ ∧ ∧ ∧ ∧ ∧ ∧ ∧ ∧ ∧ ∧ ∧ ∧ ∧ ∧ ∧ ∧ ∧ ∧ ∧ ∧ ∧ ∧ ∧ ∧ ∧ ∧ ∧ ∧ ∧ ∧ ∧ ∧ ∧ ∧ ∧ ∧ ∧ ∧ ∧	∧ ∧ ∧ ∧ ∧ ∧ ∧ ∧ ∧ ∧ ∧ ∧ ∧ ∧ ∧ ∧ ∧ ∧ ∧ ∧ ∧ ∧ ∧ ∧ ∧ ∧ ∧ ∧ ∧ ∧ ∧ ∧ ∧ ∧ ∧ ∧ ∧ ∧ ∧ ∧ ∧ ∧ ∧ ∧ ∧ ∧ ∧ ∧ ∧ ∧ ∧ ∧ ∧ ∧ ∧ ∧ ∧ ∧ ∧ ∧ ∧ ∧ ∧ ∧ ∧ ∧ ∧ ∧ ∧ ∧ ∧ ∧ ∧ ∧ ∧ ∧ ∧ ∧ ∧ ∧ ∧ ∧ ∧ ∧ ∧ ∧ ∧ ∧
∧ ∧ ∧ ∧ ∧ ∧ ∧ ∧ ∧ ∧ ∧ ∧ ∧ ∧ ∧ ∧ ∧ ∧ ∧ ∧ ∧ ∧ ∧ ∧ ∧ ∧ ∧ ∧ ∧ ∧ ∧ ∧ ∧ ∧ ∧ ∧ ∧ ∧ ∧	∧ ∧ ∧ ∧ ∧ ∧ ∧ ∧ ∧ ∧ ∧ ∧ ∧ ∧ ∧ ∧ ∧ ∧ ∧ ∧ ∧ ∧ ∧ ∧ ∧ ∧ ∧ ∧ ∧ ∧ ∧ ∧ ∧ ∧ ∧ ∧ ∧ ∧ ∧ ∧ ∧ ∧ ∧ ∧ ∧ ∧ ∧ ∧ ∧ ∧ ∧ ∧ ∧ ∧ ∧ ∧ ∧ ∧ ∧ ∧ ∧ ∧	∧ ∧ ∧ ∧ ∧ ∧ ∧ ∧ ∧ ∧ ∧	∧ ∧ ∧ ∧ ∧ ∧ ∧ ∧ ∧ ∧ ∧ ∧ ∧ ∧ ∧ ∧ ∧ ∧ ∧ ∧ ∧ ∧ ∧ ∧ ∧
∧ ∧ ∧ ∧ ∧ ∧ ∧ ∧ ∧ ∧ ∧ ∧ ∧ ∧ ∧ ∧ ∧ ∧ ∧ ∧ ∧ ∧ ∧ ∧ ∧ ∧ ∧ ∧ ∧ ∧	∧ ∧ ∧ ∧ ∧ ∧ ∧ ∧ ∧ ∧ ∧ ∧ ∧ ∧ ∧ ∧ ∧ ∧ ∧ ∧ ∧ ∧ ∧ ∧ ∧ ∧ ∧ ∧ ∧ ∧ ∧ ∧ ∧ ∧	∧ ∧ ∧ ∧ ∧ ∧	∧ ∧ ∧ ∧ ∧ ∧ ∧ ∧ ∧ ∧ ∧ ∧ ∧ ∧ ∧ ∧ ∧ ∧ ∧ ∧ ∧	∧ ∧ ∧ ∧ ∧ ∧ ∧ ∧ ∧ ∧ ∧ ∧ ∧ ∧ ∧ ∧ ∧ ∧ ∧ ∧ ∧ ∧ ∧ ∧ ∧ ∧ ∧ ∧ ∧ ∧ ∧ ∧ ∧ ∧ ∧ ∧ ∧ ∧ ∧ ∧ ∧
∧ ∧ ∧ ∧ ∧ ∧ ∧ ∧ ∧ ∧ ∧ ∧ ∧ ∧ ∧ ∧ ∧ ∧ ∧ ∧ ∧ ∧ ∧ ∧ ∧ ∧ ∧ ∧ ∧ ∧ ∧ ∧ ∧ ∧ ∧ ∧ ∧ ∧ ∧ ∧ ∧ ∧ ∧ ∧ ∧ ∧ ∧ ∧ ∧ ∧ ∧ ∧ ∧ ∧ ∧ ∧ ∧ ∧ ∧ ∧ ∧ ∧ ∧ ∧ ∧ ∧ ∧ ∧ ∧ ∧ ∧ ∧ ∧ ∧ ∧ ∧ ∧ ∧ ∧ ∧ ∧ ∧ ∧ ∧ ∧ ∧ ∧ ∧ ∧ ∧ ∧ ∧ ∧ ∧ ∧ ∧ ∧ ∧ ∧ ∧ ∧ ∧ ∧ ∧ ∧ ∧ ∧ ∧ ∧ ∧ ∧ ∧ ∧ ∧ ∧ ∧ ∧ ∧ ∧ ∧ ∧ ∧ ∧ ∧ ∧ ∧ ∧ ∧ ∧ ∧ ∧ ∧ ∧ ∧ ∧ ∧ ∧ ∧ ∧ ∧ ∧
∧ ∧ ∧ ∧ ∧ ∧ ∧ ∧ ∧ ∧ ∧ ∧ ∧ ∧ ∧ ∧ ∧ ∧ ∧ ∧ ∧ ∧ ∧ ∧ ∧ ∧ ∧ ∧ ∧ ∧ ∧ ∧ ∧ ∧ ∧ ∧ ∧ ∧ ∧ ∧ ∧ ∧ ∧ ∧ ∧ ∧ ∧ ∧ ∧ ∧	∧ ∧ ∧ ∧ ∧ ∧ ∧ ∧ ∧ ∧ ∧ ∧ ∧ ∧ ∧ ∧ ∧ ∧ ∧ ∧ ∧ ∧ ∧ ∧ ∧	∧ ∧ ∧ ∧ ∧ ∧ ∧ ∧ ∧ ∧ ∧ ∧ ∧ ∧ ∧ ∧ ∧ ∧ ∧ ∧ ∧ ∧ ∧ ∧ ∧ ∧ ∧ ∧ ∧ ∧ ∧ ∧ ∧ ∧ ∧ ∧ ∧ ∧ ∧ ∧ ∧ ∧ ∧ ∧ ∧ ∧ ∧ ∧ ∧ ∧ ∧ ∧ ∧ ∧ ∧ ∧ ∧ ∧ ∧ ∧ ∧ ∧ ∧ ∧
∧ ∧ ∧ ∧ ∧ ∧ ∧ ∧ ∧ ∧ ∧ ∧ ∧ ∧ ∧ ∧ ∧ ∧ ∧ ∧ ∧ ∧ ∧ ∧ ∧ ∧ ∧ ∧ ∧ ∧ ∧ ∧ ∧ ∧ ∧ ∧ ∧ ∧ ∧ ∧ ∧ ∧ ∧ ∧ ∧ ∧ ∧ ∧ ∧ ∧ ∧ ∧ ∧ ∧ ∧ ∧ ∧ ∧ ∧ ∧ ∧ ∧ ∧ ∧ ∧ ∧ ∧ ∧ ∧ ∧ ∧ ∧ ∧ ∧ ∧ ∧ ∧ ∧ ∧ ∧ ∧ ∧ ∧ ∧ ∧ ∧ ∧ ∧ ∧ ∧ ∧ ∧ ∧ ∧ ∧ ∧ ∧ ∧ ∧ ∧ ∧ ∧ ∧ ∧ ∧ ∧ ∧ ∧ ∧ ∧ ∧ ∧ ∧ ∧ ∧ ∧ ∧ ∧ ∧ ∧ ∧ ∧ ∧ ∧ ∧ ∧ ∧ ∧ ∧ ∧ ∧ ∧ ∧ ∧ ∧ ∧ ∧ ∧ ∧ ∧
✱ ◎ ◎ ◎ ✱ ✱ ✱ ✱ ✱ ✱ ✱ ✱ ◎ ✱ ✱ ◎ ✱ ✱ ✱ ✱ ✱ ✱ ◎ ✱ ◎ ◎ ◎ ◎ ✱ ✱ ✱ ✱ ✱ ✱ ✱ ✱ ✱ ✱ ◎ ◎ ✱ ✱ ✱ ✱ ✱ ◎ ✱ ◎ ✱ ✱ ◎ ✱ ✱ ◎ ◎ ◎ ✱ ✱ ✱ ✱ ◎ ✱ ✱ ◎ ✱ ✱ ✱ ✱ ✱ ◎ ✱ ✱ ✱ ✱ ✱ ✱ ◎ ◎ ✱ ✱ ✱ ◎ ✱ ◎ ✱ ✱ ✱ ✱ ◎ ◎ ✱ ✱ ✱ ✱ ✱ ✱ ✱ ◎ ◎ ✱ ✱ ✱ ✱ ◎ ✱ ◎ ◎ ✱ ✱ ✱ ✱ ◎ ◎ ✱ ✱ ✱ ◎ ✱ ◎ ✱ ◎ ✱ ✱ ✱ ◎ ✱ ✱ ✱ ✱ ◎ ✱ ✱ ✱ ✱ ◎ ✱ ✱ ✱ ✱ ◎ ✱ ✱ ◎ ✱ ✱ ◎ ✱ ✱ ✱ ◎ ✱ ✱ ◎ ✱ ✱
◎ ✱ ✱ ✱ ◎ ◎ ✱ ◎ ✱ ✱ ✱ ✱ ◎ ✱ ✱ ✱ ✱ ✱ ◎ ◎ ◎ ✱ ✱ ✱ ✱ ✱ ✱ ✱ ✱ ✱ ◎ ✱ ✱ ✱ ✱ ✱ ◎ ✱ ✱ ◎ ✱ ✱ ✱ ✱ ◎ ◎ ✱ ✱ ◎ ✱ ✱ ◎ ◎ ✱ ✱ ◎ ✱ ✱ ✱ ◎ ✱ ✱ ✱ ✱ ✱ ✱ ✱ ◎ ✱ ✱ ✱ ✱ ✱ ✱ ✱ ◎ ◎ ✱ ✱ ✱ ◎ ◎ ✱ ✱ ✱ ✱ ✱ ◎ ✱ ✱ ✱ ✱ ✱ ✱ ✱ ◎ ◎ ✱ ✱ ✱ ✱ ✱ ✱ ◎ ✱ ✱ ✱ ✱ ◎ ✱ ✱ ✱ ✱ ✱ ✱ ◎ ✱ ✱ ◎ ✱ ✱ ✱ ✱ ✱ ✱ ✱ ✱ ✱ ✱ ◎ ✱ ✱ ✱ ✱ ✱ ◎ ✱ ✱ ✱ ✱ ◎ ◎ ✱ ✱ ◎ ✱ ✱ ✱ ✱ ✱ ✱ ✱ ✱ ✱ ✱
✱ ✱ ◎ ✱ ✱ ✱ ✱ ✱ ✱ ✱ ✱ ✱ ✱ ◎ ✱ ✱ ✱ ✱ ✱ ◎ ✱ ✱ ✱ ◎ ✱ ✱ ✱ ✱ ✱ ✱ ✱ ✱ ✱ ✱ ✱ ✱ ✱ ✱ ✱ ✱ ✱ ✱ ✱ ✱ ◎ ◎ ✱ ◎ ✱ ✱ ✱ ✱ ✱ ✱ ✱ ✱ ✱ ◎ ◎ ✱ ✱ ◎ ✱ ✱ ✱ ✱ ✱ ✱ ◎ ✱ ◎ ✱ ◎ ✱ ✱ ◎ ◎ ✱ ✱ ◎ ✱ ✱ ◎ ✱ ✱ ✱ ◎ ◎ ✱ ✱ ◎ ✱ ✱ ◎ ✱ ✱ ✱ ◎ ✱ ◎ ✱ ✱ ◎ ✱ ✱ ✱ ✱ ◎ ◎ ✱ ◎ ◎ ✱ ✱ ✱ ✱ ✱ ✱ ✱ ✱ ✱ ✱ ✱ ◎ ◎ ✱ ◎ ◎ ✱ ✱ ✱ ✱ ✱ ✱ ✱ ✱ ✱ ✱ ✱ ◎ ✱ ✱ ✱ ◎ ✱ ✱ ✱ ✱ ✱ ◎ ✱ ✱ ✱ ✱ ✱
◎ ✱ ✱ ◎ ✱ ◎ ✱ ✱ ✱ ✱ ◎ ✱ ◎ ◎ ◎ ✱ ✱ ✱ ✱ ◎ ✱ ◎ ◎ ✱ ◎ ✱ ◎ ✱ ✱ ◎ ◎ ✱ ✱ ◎ ✱ ◎ ✱ ✱ ✱ ✱ ✱ ✱ ✱ ✱ ✱ ✱ ◎ ✱ ◎ ✱ ◎ ◎ ◎ ✱ ✱ ✱ ✱ ✱ ✱ ✱ ✱ ✱ ◎ ✱ ✱ ✱ ✱ ✱ ✱ ✱ ✱ ✱ ✱ ✱ ✱ ✱ ✱ ✱ ✱ ✱ ✱ ◎ ✱ ✱ ✱ ✱ ✱ ✱ ✱ ✱ ✱ ✱ ◎ ✱ ✱ ✱ ✱ ◎ ✱ ◎ ◎ ✱ ✱ ✱ ✱ ✱ ◎ ✱ ◎ ✱ ◎ ✱ ✱ ✱ ✱ ✱ ✱ ◎ ✱ ✱ ✱ ✱ ◎ ◎ ✱ ◎ ✱ ✱ ✱ ✱ ◎ ✱ ✱ ✱ ✱ ◎ ✱ ◎ ✱ ✱ ◎ ✱ ✱ ✱ ✱ ◎ ✱ ◎ ✱ ✱ ◎ ✱ ✱ ✱ ✱
✱ ✱ ✱ ◎ ◎ ◎ ✱ ✱ ✱ ◎ ✱ ✱ ◎ ✱ ✱ ✱ ✱ ◎ ✱ ◎ ✱ ✱ ✱ ✱ ✱ ✱ ✱ ◎ ✱ ✱ ✱ ✱ ✱ ✱ ✱ ◎ ◎ ✱ ✱ ✱ ✱ ✱ ✱ ✱ ◎ ✱ ✱ ◎ ◎ ◎ ✱ ✱ ✱ ✱ ✱ ✱ ◎ ✱ ◎ ✱ ✱ ◎ ✱ ✱ ◎ ✱ ✱ ✱ ◎ ✱ ✱ ✱ ✱ ✱ ◎ ◎ ✱ ✱ ✱ ✱ ✱ ◎ ✱ ✱ ✱ ✱ ✱ ✱ ✱ ✱ ✱ ✱ ◎ ✱ ✱ ✱ ✱ ✱ ◎ ✱ ✱ ✱ ◎ ◎ ✱ ◎ ◎ ✱ ✱ ✱ ✱ ◎ ✱ ◎ ◎ ◎ ✱ ◎ ✱ ◎ ✱ ✱ ✱ ✱ ✱ ✱ ✱ ✱ ✱ ✱ ◎ ✱ ◎ ✱ ✱ ✱ ✱ ◎ ✱ ✱ ◎ ✱ ✱ ◎ ✱ ◎ ✱ ✱ ◎ ✱ ✱ ✱ ✱ ✱ ✱
✱ ✱ ✱ ✱ ✱ ✱ ✱ ✱ ✱ ◎ ✱ ✱ ✱ ◎ ✱ ✱ ✱ ✱ ✱ ✱ ✱ ✱ ◎ ✱ ✱ ✱ ✱ ✱ ◎ ✱ ✱ ◎ ✱ ◎ ✱ ✱ ✱ ◎ ◎ ✱ ◎ ✱ ✱ ✱ ✱ ◎ ◎ ✱ ✱ ✱ ✱ ✱ ✱ ◎ ✱ ✱ ✱ ✱ ◎ ✱ ✱ ◎ ◎ ✱ ◎ ✱ ✱ ✱ ✱ ✱ ✱ ✱ ✱ ✱ ✱ ✱ ◎ ✱ ✱ ✱ ✱ ✱ ✱ ✱ ◎ ◎ ✱ ✱ ✱ ✱ ✱ ◎ ✱ ✱ ✱ ✱ ✱ ✱ ✱ ✱ ✱ ◎ ✱ ✱ ✱ ✱ ✱ ✱ ✱ ✱ ✱ ✱ ✱ ✱ ◎ ✱ ✱ ◎ ✱ ✱ ✱ ◎ ✱ ◎ ◎ ◎ ◎ ◎ ◎ ✱ ✱ ◎ ✱ ◎ ◎ ◎ ◎ ✱ ✱ ✱ ◎ ✱ ✱ ✱ ✱ ✱ ✱ ◎ ✱ ✱ ◎ ✱ ◎ ◎ ✱
✱ ◎ ✱ ✱ ✱ ✱ ✱ ✱ ✱ ✱ ✱ ✱ ✱ ✱ ✱ ✱ ✱ ◎ ✱ ✱ ✱ ◎ ◎ ✱ ◎ ✱ ✱ ◎ ◎ ✱ ◎ ◎ ✱ ✱ ✱ ✱ ✱ ✱ ◎ ✱ ◎ ◎ ✱ ✱ ✱ ◎ ✱ ◎ ✱ ✱ ✱ ✱ ✱ ✱ ✱ ✱ ◎ ◎ ◎ ✱ ◎ ✱ ✱ ◎ ✱ ✱ ✱ ✱ ✱ ◎ ◎ ✱ ◎ ✱ ◎ ✱ ◎ ✱ ✱ ✱ ✱ ◎ ◎ ✱ ✱ ✱ ✱ ✱ ✱ ◎ ✱ ◎ ✱ ✱ ✱ ✱ ✱ ◎ ✱ ✱ ✱ ✱ ✱ ✱ ✱ ✱ ◎ ◎ ✱ ✱ ✱ ✱ ✱ ✱ ◎ ✱ ✱ ✱ ✱ ✱ ◎ ✱ ✱ ✱ ✱ ◎ ✱ ✱ ✱ ✱ ✱ ✱ ◎ ✱ ◎ ✱ ✱ ✱ ✱ ✱ ✱ ◎ ✱ ✱ ◎ ◎ ✱ ✱ ✱ ✱ ✱ ✱ ✱ ◎ ✱
✱ ✱ ✱ ✱ ◎ ◎ ✱ ✱ ◎ ✱ ✱ ✱ ◎ ◎ ✱ ◎ ✱ ◎ ✱ ◎ ◎ ✱ ✱ ◎ ✱ ✱ ◎ ✱ ✱ ✱ ✱ ◎ ✱ ✱ ◎ ✱ ✱ ✱ ✱ ✱ ✱ ◎ ◎ ✱ ◎ ✱ ◎ ✱ ✱ ✱ ✱ ✱ ✱ ✱ ◎ ◎ ✱ ✱ ✱ ◎ ✱ ✱ ◎ ✱ ✱ ✱ ✱ ✱ ◎ ◎ ✱ ◎ ✱ ✱ ✱ ✱ ✱ ◎ ◎ ✱ ✱ ✱ ✱ ✱ ✱ ◎ ◎ ✱ ✱ ✱ ◎ ✱ ✱ ✱ ◎ ✱ ✱ ✱ ✱ ✱ ✱ ✱ ✱ ✱ ◎ ✱ ✱ ✱ ✱ ✱ ✱ ◎ ✱ ✱ ✱ ✱ ◎ ✱ ◎ ✱ ◎ ◎ ◎ ✱ ✱ ✱ ✱ ✱ ✱ ◎ ✱ ◎ ✱ ✱ ✱ ✱ ✱ ✱ ◎ ✱ ✱ ✱ ✱ ✱ ✱ ✱ ✱ ✱ ◎ ✱ ◎ ✱ ◎ ✱ ✱
✱ ✱ ✱ ✱ ◎ ✱ ✱ ✱ ✱ ◎ ✱ ✱ ◎ ◎ ✱ ✱ ✱ ✱ ✱ ✱ ◎ ✱ ✱ ✱ ✱ ✱ ✱ ◎ ✱ ◎ ✱ ◎ ◎ ✱ ◎ ✱ ◎ ✱ ◎ ✱ ✱ ◎ ✱ ✱ ✱ ✱ ◎ ✱ ✱ ✱ ✱ ✱ ✱ ✱ ✱ ◎ ◎ ✱ ◎ ✱ ✱ ✱ ◎ ✱ ✱ ✱ ◎ ✱ ✱ ◎ ✱ ✱ ◎ ✱ ◎ ✱ ✱ ✱ ✱ ✱ ✱ ✱ ◎ ✱ ◎ ✱ ✱ ◎ ✱ ✱ ✱ ✱ ◎ ◎ ◎ ✱ ◎ ✱ ✱ ◎ ✱ ✱ ✱ ◎ ◎ ◎ ◎ ✱ ◎ ◎ ✱ ✱ ✱ ◎ ✱ ✱ ✱ ✱ ✱ ✱ ◎ ✱ ◎ ✱ ✱ ✱ ✱ ✱ ✱ ✱ ✱ ✱ ✱ ◎ ◎ ◎ ◎ ✱ ◎ ◎ ◎ ✱ ✱ ✱ ✱ ◎ ◎ ✱ ✱ ✱ ✱ ✱ ✱ ✱ ◎
✱ ✱ ✱ ◎ ✱ ✱ ✱ ✱ ✱ ✱ ✱ ✱ ✱ ✱ ✱ ✱ ✱ ◎ ✱ ✱ ✱ ✱ ◎ ✱ ✱ ✱ ✱ ◎ ✱ ✱ ✱ ✱ ◎ ✱ ◎ ◎ ◎ ◎ ✱ ✱ ✱ ✱ ✱ ✱ ✱ ✱ ✱ ✱ ✱ ✱ ◎ ✱ ◎ ◎ ✱ ✱ ◎ ✱ ◎ ✱ ✱ ✱ ✱ ✱ ✱ ✱ ✱ ◎ ◎ ✱ ✱ ✱ ◎ ◎ ◎ ✱ ✱ ✱ ✱ ◎ ◎ ◎ ✱ ✱ ✱ ◎ ◎ ✱ ✱ ✱ ✱ ✱ ◎ ✱ ✱ ◎ ◎ ✱ ✱ ◎ ✱ ◎ ◎ ◎ ◎ ◎ ◎ ◎ ✱ ✱ ✱ ✱ ✱ ✱ ✱ ✱ ✱ ◎ ◎ ✱ ✱ ◎ ✱ ✱ ✱ ✱ ◎ ◎ ✱ ◎ ✱ ◎ ✱ ✱ ✱ ◎ ✱ ◎ ◎ ✱ ✱ ✱ ✱ ✱ ✱ ✱ ✱ ✱ ◎ ✱ ✱ ✱ ◎ ✱ ✱
✱ ✱ ✱ ✱ ✱ ✱ ✱ ✱ ✱ ◎ ✱ ✱ ✱ ✱ ✱ ✱ ✱ ◎ ✱ ✱ ✱ ✱ ✱ ✱ ✱ ✱ ✱ ✱ ✱ ✱ ✱ ◎ ◎ ✱ ✱ ◎ ◎ ◎ ✱ ✱ ✱ ✱ ◎ ✱ ◎ ◎ ✱ ✱ ✱ ✱ ◎ ✱ ◎ ✱ ✱ ✱ ✱ ✱ ✱ ✱ ✱ ◎ ✱ ✱ ✱ ✱ ✱ ◎ ✱ ◎ ✱ ✱ ✱ ✱ ✱ ◎ ◎ ◎ ✱ ✱ ✱ ✱ ◎ ✱ ✱ ✱ ✱ ✱ ◎ ◎ ✱ ✱ ◎ ✱ ◎ ✱ ✱ ✱ ✱ ✱ ✱ ✱ ✱ ✱ ✱ ✱ ✱ ◎ ✱ ✱ ✱ ✱ ◎ ✱ ◎ ◎ ✱ ◎ ✱ ✱ ✱ ✱ ◎ ✱ ✱ ✱ ◎ ✱ ✱ ✱ ◎ ✱ ◎ ✱ ✱ ◎ ◎ ✱ ◎ ◎ ✱ ✱ ✱ ✱ ✱ ◎ ✱ ✱ ◎ ✱ ✱ ◎ ✱ ◎ ✱
✱ ✱ ◎ ✱ ✱ ◎ ◎ ✱ ✱ ✱ ✱ ✱ ✱ ✱ ✱ ✱ ✱ ✱ ✱ ✱ ◎ ◎ ✱ ◎ ✱ ◎ ✱ ✱ ✱ ✱ ◎ ✱ ✱ ◎ ✱ ✱ ✱ ◎ ✱ ✱ ◎ ◎ ◎ ✱ ✱ ✱ ◎ ◎ ✱ ✱ ✱ ✱ ✱ ✱ ✱ ✱ ✱ ◎ ✱ ✱ ✱ ◎ ✱ ◎ ✱ ✱ ✱ ✱ ✱ ✱ ◎ ✱ ✱ ✱ ✱ ✱ ✱ ✱ ✱ ✱ ✱ ✱ ◎ ✱ ◎ ◎ ✱ ✱ ✱ ✱ ✱ ◎ ◎ ✱ ◎ ✱ ✱ ✱ ◎ ✱ ✱ ✱ ✱ ✱ ✱ ◎ ◎ ✱ ✱ ✱ ✱ ✱ ✱ ◎ ✱ ✱ ◎ ✱ ◎ ✱ ◎ ✱ ✱ ◎ ✱ ✱ ◎ ✱ ◎ ◎ ✱ ✱ ✱ ✱ ✱ ◎ ✱ ✱ ✱ ✱ ✱ ✱ ✱ ✱ ✱ ✱ ✱ ◎ ◎ ◎ ✱ ✱ ✱ ✱ ✱
✱ ✱ ✱ ✱ ✱ ✱ ◎ ✱ ✱ ✱ ✱ ◎ ✱ ✱ ✱ ✱ ✱ ✱ ✱ ✱ ✱ ✱ ✱ ◎ ✱ ✱ ✱ ◎ ✱ ✱ ✱ ✱ ✱ ◎ ✱ ✱ ✱ ✱ ◎ ◎ ✱ ◎ ✱ ◎ ◎ ◎ ✱ ✱ ✱ ◎ ✱ ✱ ✱ ✱ ✱ ✱ ✱ ✱ ✱ ◎ ✱ ✱ ✱ ✱ ✱ ✱ ◎ ✱ ◎ ✱ ✱ ✱ ✱ ✱ ✱ ✱ ◎ ✱ ✱ ✱ ✱ ◎ ✱ ◎ ◎ ◎ ✱ ◎ ✱ ✱ ◎ ✱ ◎ ◎ ✱ ✱ ✱ ✱ ✱ ◎ ✱ ✱ ◎ ✱ ◎ ✱ ✱ ✱ ✱ ◎ ✱ ◎ ✱ ✱ ✱ ✱ ✱ ✱ ✱ ✱ ✱ ✱ ✱ ◎ ✱ ◎ ◎ ✱ ◎ ✱ ✱ ◎ ✱ ✱ ✱ ✱ ◎ ◎ ✱ ◎ ◎ ✱ ◎ ✱ ✱ ✱ ✱ ✱ ✱ ✱ ◎ ✱ ✱ ✱ ✱
✱ ✱ ✱ ✱ ✱ ✱ ◎ ✱ ✱ ✱ ◎ ✱ ◎ ◎ ✱ ◎ ✱ ✱ ◎ ◎ ✱ ✱ ✱ ◎ ✱ ◎ ◎ ✱ ◎ ◎ ✱ ✱ ◎ ✱ ✱ ✱ ✱ ✱ ✱ ✱ ◎ ✱ ✱ ✱ ✱ ✱ ✱ ✱ ✱ ✱ ✱ ✱ ✱ ✱ ✱ ✱ ✱ ✱ ◎ ✱ ◎ ✱ ✱ ✱ ✱ ✱ ✱ ✱ ✱ ◎ ✱ ✱ ✱ ✱ ◎ ✱ ◎ ◎ ◎ ✱ ✱ ✱ ◎ ✱ ◎ ◎ ✱ ◎ ◎ ✱ ◎ ✱ ✱ ✱ ✱ ✱ ◎ ✱ ✱ ✱ ✱ ✱ ◎ ✱ ◎ ✱ ✱ ✱ ◎ ✱ ✱ ◎ ✱ ✱ ◎ ◎ ✱ ◎ ✱ ✱ ◎ ◎ ✱ ✱ ✱ ◎ ✱ ✱ ◎ ✱ ✱ ✱ ◎ ✱ ✱ ✱ ✱ ◎ ✱ ✱ ✱ ◎ ✱ ✱ ✱ ◎ ✱ ✱ ✱ ✱ ✱ ✱ ✱ ✱ ✱
✱ ✱ ✱ ✱ ✱ ◎ ◎ ✱ ✱ ◎ ✱ ✱ ◎ ✱ ✱ ✱ ✱ ✱ ✱ ✱ ◎ ✱ ◎ ◎ ✱ ◎ ✱ ✱ ◎ ✱ ✱ ✱ ✱ ◎ ◎ ✱ ✱ ◎ ✱ ✱ ✱ ✱ ✱ ✱ ✱ ✱ ✱ ✱ ✱ ✱ ◎ ✱ ✱ ✱ ✱ ✱ ✱ ✱ ✱ ✱ ◎ ✱ ✱ ✱ ✱ ✱ ◎ ✱ ✱ ◎ ✱ ✱ ✱ ◎ ✱ ✱ ✱ ✱ ✱ ✱ ✱ ◎ ✱ ✱ ✱ ✱ ✱ ✱ ✱ ✱ ◎ ✱ ◎ ◎ ◎ ✱ ✱ ◎ ✱ ◎ ◎ ✱ ✱ ◎ ✱ ✱ ✱ ◎ ✱ ✱ ◎ ✱ ◎ ✱ ✱ ✱ ✱ ✱ ◎ ✱ ✱ ✱ ◎ ✱ ✱ ✱ ✱ ✱ ✱ ◎ ◎ ◎ ✱ ✱ ✱ ✱ ✱ ✱ ✱ ✱ ◎ ◎ ✱ ✱ ◎ ◎ ✱ ✱ ✱ ✱ ✱ ✱ ✱ ✱ ✱
✱ ✱ ✱ ◎ ◎ ✱ ✱ ✱ ◎ ✱ ✱ ✱ ✱ ◎ ✱ ✱ ◎ ✱ ✱ ✱ ✱ ✱ ◎ ✱ ✱ ✱ ◎ ✱ ✱ ✱ ✱ ✱ ✱ ✱ ✱ ◎ ◎ ✱ ✱ ✱ ◎ ✱ ✱ ◎ ✱ ✱ ✱ ◎ ✱ ✱ ✱ ✱ ✱ ✱ ✱ ✱ ✱ ✱ ✱ ✱ ✱ ✱ ✱ ◎ ✱ ✱ ✱ ✱ ◎ ✱ ✱ ✱ ✱ ✱ ◎ ✱ ✱ ✱ ◎ ✱ ✱ ✱ ✱ ✱ ◎ ✱ ✱ ✱ ◎ ✱ ✱ ◎ ✱ ✱ ✱ ✱ ◎ ✱ ◎ ✱ ✱ ✱ ✱ ✱ ✱ ✱ ✱ ◎ ◎ ✱ ✱ ✱ ✱ ✱ ◎ ✱ ✱ ✱ ✱ ✱ ✱ ✱ ◎ ✱ ✱ ✱ ✱ ✱ ✱ ◎ ✱ ✱ ◎ ✱ ◎ ✱ ◎ ✱ ◎ ◎ ✱ ✱ ✱ ✱ ✱ ✱ ◎ ✱ ✱ ◎ ✱ ◎ ✱ ✱ ✱
✱ ✱ ◎ ✱ ✱ ✱ ✱ ✱ ✱ ✱ ✱ ✱ ◎ ✱ ✱ ✱ ✱ ✱ ✱ ✱ ◎ ◎ ✱ ✱ ✱ ✱ ✱ ✱ ✱ ◎ ◎ ✱ ✱ ✱ ◎ ◎ ✱ ◎ ◎ ✱ ✱ ✱ ✱ ✱ ✱ ✱ ✱ ✱ ✱ ✱ ◎ ◎ ✱ ✱ ✱ ✱ ◎ ✱ ✱ ◎ ✱ ✱ ◎ ✱ ✱ ✱ ✱ ✱ ✱ ◎ ✱ ✱ ✱ ✱ ✱ ✱ ✱ ✱ ◎ ✱ ◎ ✱ ✱ ✱ ✱ ✱ ✱ ◎ ✱ ◎ ◎ ✱ ✱ ✱ ✱ ✱ ✱ ✱ ◎ ✱ ◎ ✱ ◎ ◎ ◎ ✱ ◎ ✱ ✱ ✱ ◎ ◎ ✱ ✱ ✱ ✱ ◎ ✱ ✱ ◎ ✱ ✱ ✱ ✱ ✱ ✱ ✱ ✱ ✱ ✱ ✱ ✱ ✱ ◎ ✱ ✱ ✱ ✱ ◎ ✱ ✱ ✱ ✱ ✱ ✱ ✱ ◎ ✱ ✱ ✱ ◎ ✱ ✱ ◎ ◎
·	· ·	·	·	·	·	· ·	·	·	·	·	·	·	·	·	·	·
· ·	· · ·	·	·	·	·	·	·	·	·	·	·	·	· · ·
·	· ·	·	·	·	·	·	· ·	·	·	· · ·	·	· ·	·	· ·
·	·	·	·	· ·	·	·	· ·	·	·	·
·	· ·	· ·	·	·	·	·	·	·	·
· · ·	·	·	·	· ·	·	·	·	· ·	·	·	·	·	·	·	· ·
·	· ·	·	·	·	·	·	· ·	·	·	·	· ·	· · ·
·	·	·	· ·	·	·	·	· ·	·	·	·	·	·	·
· ·	·	·	·	· ·	·	·	·	·	·	·	· ·	·
·	·	·	· ·	·	· ·	·	·	· ·	·	·	·	· ·	·
·	· ·	·	·	·	·	·	·	·	·	·	· · ·	· ·	· ·	·	· ·	·	·	·
· ·	·	·	·	·	·	·	·	·	· · ·	·	·	·	·	·	·	·	·
·	·	· ·	·	·	· ·	·	·	·	·	·	·	·	·	·
·	· ·	·	·	·	·	·	·	· ·
·	·	·	·	·	·	·	· ·
·	·	·	·	·	·	·	·	·	·	·	·	·
· ·	· · ·	· ·	·	· ·	· · ·	· ·	·	·	· ·	·	· · ·	·	·
·	· ·	·	·	·	·	·	· ·	·	·	· · ·	·	·	· ·
·	· ·	·	·	·	·	·	·	· ·	·	·	·	· ·	· ·
·	·	·	·	·	·	·	·	·	·	· ·	·	·	· ·	·
·	·	·	·	· ·	·	·	·	·	·
· ·	·	·	·	·	·	·	·	· ·	·	·	·	·	·	·
· ·	·	· ·	·	·	·	·	·	·	·	·	·	·
·	· ·	· · ·	· ·	·	·	· ·	·	·	· ·	· ·	·	·	· ·	·	·	· · ·
·	· ·	·	·	·	·	·	·	·	·	·	· ·	·	·	·	·
Π Π ⋈ ⋈ ⋈ Π Π ⋈ ⋈ Π ⋈ Π ⋈ Π Π ⋈ ⋈ ⋈ ⋈ Π Π Π Π Π Π ⋈ ⋈ Π ⋈ Π ⋈ ⋈ Π Π ⋈ ⋈ Π Π ⋈ ⋈ ⋈ ⋈ ⋈ ⋈ Π Π Π Π Π Π Π Π ⋈ Π ⋈ Π ⋈ ⋈ Π Π Π ⋈ ⋈ ⋈ Π ⋈ Π Π ⋈ Π Π ⋈ Π ⋈ ⋈ ⋈ Π Π Π Π Π ⋈ Π Π Π ⋈ ⋈ ⋈ Π ⋈ Π Π ⋈ ⋈ Π Π ⋈ ⋈ Π Π Π ⋈ ⋈ Π Π ⋈ Π Π ⋈ ⋈ Π Π Π Π Π ⋈ Π Π Π ⋈ ⋈ Π Π ⋈ ⋈ ⋈ ⋈ ⋈ Π ⋈ ⋈ ⋈ ⋈ Π Π Π ⋈ ⋈ ⋈ ⋈ Π Π Π Π Π Π Π Π Π Π ⋈ Π ⋈ Π Π
⋈ Π Π Π ⋈ ⋈ Π ⋈ ⋈ ⋈ Π ⋈ ⋈ ⋈ ⋈ Π Π Π Π Π Π Π Π ⋈ Π ⋈ ⋈ ⋈ Π ⋈ Π ⋈ ⋈ ⋈ ⋈ ⋈ ⋈ ⋈ ⋈ ⋈ ⋈ Π ⋈ ⋈ Π ⋈ Π ⋈ Π Π Π ⋈ Π ⋈ Π ⋈ Π Π ⋈ ⋈ Π ⋈ Π Π ⋈ ⋈ ⋈ ⋈ Π ⋈ ⋈ Π Π ⋈ Π ⋈ ⋈ ⋈ ⋈ Π ⋈ ⋈ Π Π ⋈ Π Π ⋈ ⋈ ⋈ Π ⋈ ⋈ ⋈ Π Π Π ⋈ ⋈ Π ⋈ ⋈ Π Π Π ⋈ ⋈ Π Π ⋈ ⋈ ⋈ ⋈ ⋈ Π Π ⋈ ⋈ ⋈ Π ⋈ Π Π Π Π ⋈ ⋈ Π Π Π Π ⋈ Π ⋈ Π ⋈ ⋈ Π ⋈ Π ⋈ Π Π ⋈ Π ⋈ ⋈ Π Π ⋈ ⋈ ⋈ ⋈ ⋈ ⋈
Π ⋈ ⋈ Π ⋈ ⋈ ⋈ ⋈ ⋈ Π ⋈ ⋈ ⋈ ⋈ Π Π Π Π Π ⋈ Π ⋈ ⋈ ⋈ ⋈ ⋈ ⋈ ⋈ ⋈ Π ⋈ Π Π Π ⋈ ⋈ ⋈ Π ⋈ ⋈ Π ⋈ Π ⋈ ⋈ ⋈ Π Π Π Π ⋈ Π Π Π Π Π ⋈ ⋈ Π ⋈ ⋈ Π ⋈ ⋈ ⋈ ⋈ Π Π Π Π ⋈ Π ⋈ Π ⋈ ⋈ ⋈ ⋈ ⋈ Π Π Π ⋈ Π ⋈ Π Π ⋈ ⋈ Π ⋈ ⋈ ⋈ Π ⋈ Π ⋈ ⋈ ⋈ ⋈ Π Π ⋈ Π Π Π ⋈ Π ⋈ ⋈ Π ⋈ Π ⋈ ⋈ ⋈ ⋈ Π ⋈ Π ⋈ ⋈ Π ⋈ Π ⋈ ⋈ ⋈ ⋈ Π Π Π ⋈ Π ⋈ ⋈ Π Π Π Π ⋈ Π ⋈ Π Π Π ⋈ Π Π Π Π Π ⋈ ⋈ Π
Π ⋈ Π Π Π Π ⋈ ⋈ ⋈ Π Π ⋈ Π ⋈ ⋈ ⋈ ⋈ Π ⋈ Π ⋈ ⋈ ⋈ ⋈ ⋈ Π Π Π ⋈ Π ⋈ Π ⋈ Π Π Π Π ⋈ Π ⋈ ⋈ ⋈ ⋈ Π Π ⋈ ⋈ ⋈ ⋈ Π Π ⋈ ⋈ ⋈ Π ⋈ Π Π Π ⋈ ⋈ Π Π ⋈ Π ⋈ ⋈ Π Π ⋈ Π Π Π Π ⋈ ⋈ Π Π ⋈ Π Π Π Π ⋈ Π ⋈ ⋈ Π ⋈ Π Π Π Π ⋈ ⋈ ⋈ Π ⋈ Π Π Π ⋈ Π Π ⋈ ⋈ ⋈ ⋈ ⋈ ⋈ ⋈ Π ⋈ Π Π Π ⋈ Π Π Π Π ⋈ Π ⋈ ⋈ ⋈ ⋈ Π ⋈ Π ⋈ Π ⋈ ⋈ ⋈ Π Π ⋈ Π Π Π Π Π Π ⋈ Π ⋈ ⋈ Π ⋈ ⋈ ⋈ Π Π ⋈
Π ⋈ Π ⋈ ⋈ ⋈ ⋈ Π Π Π ⋈ ⋈ Π Π ⋈ Π ⋈ Π Π Π Π ⋈ Π Π Π Π Π ⋈ ⋈ Π Π Π ⋈ Π Π ⋈ Π Π Π Π Π ⋈ ⋈ Π Π Π Π Π ⋈ ⋈ Π ⋈ ⋈ ⋈ Π ⋈ ⋈ Π Π ⋈ ⋈ ⋈ ⋈ ⋈ ⋈ Π Π ⋈ ⋈ Π ⋈ ⋈ ⋈ ⋈ Π ⋈ ⋈ ⋈ ⋈ Π ⋈ ⋈ Π Π Π Π Π ⋈ ⋈ ⋈ Π Π Π ⋈ Π Π ⋈ ⋈ Π ⋈ Π ⋈ ⋈ Π Π ⋈ ⋈ Π ⋈ ⋈ Π ⋈ ⋈ ⋈ Π Π Π Π Π Π Π ⋈ Π Π Π ⋈ Π Π Π Π Π Π ⋈ Π Π Π Π ⋈ Π ⋈ Π ⋈ ⋈ Π Π ⋈ Π Π Π ⋈ Π ⋈ ⋈ Π Π
Π ⋈ Π ⋈ ⋈ Π Π ⋈ ⋈ ⋈ Π Π ⋈ Π ⋈ Π ⋈ ⋈ Π Π Π Π Π Π Π ⋈ ⋈ Π Π ⋈ ⋈ Π Π ⋈ ⋈ ⋈ ⋈ Π ⋈ ⋈ ⋈ Π ⋈ Π ⋈ ⋈ ⋈ Π Π ⋈ ⋈ Π ⋈ Π ⋈ Π ⋈ ⋈ ⋈ Π ⋈ Π Π ⋈ Π ⋈ ⋈ ⋈ ⋈ Π ⋈ Π Π Π ⋈ ⋈ ⋈ ⋈ Π ⋈ ⋈ ⋈ ⋈ Π Π Π ⋈ ⋈ Π Π Π Π Π ⋈ ⋈ Π Π ⋈ ⋈ Π ⋈ Π ⋈ Π ⋈ ⋈ ⋈ ⋈ ⋈ ⋈ ⋈ Π Π ⋈ ⋈ ⋈ Π ⋈ ⋈ Π ⋈ Π ⋈ Π ⋈ Π ⋈ Π Π ⋈ ⋈ ⋈ Π Π Π Π ⋈ ⋈ ⋈ Π Π ⋈ ⋈ ⋈ ⋈ Π Π Π Π ⋈ Π ⋈ ⋈ ⋈ Π
⋈ Π Π ⋈ ⋈ ⋈ ⋈ Π Π Π Π ⋈ Π ⋈ Π Π ⋈ ⋈ ⋈ ⋈ ⋈ ⋈ ⋈ ⋈ ⋈ ⋈ Π Π Π ⋈ Π Π Π ⋈ ⋈ Π Π Π Π ⋈ ⋈ Π ⋈ Π Π ⋈ Π Π ⋈ ⋈ Π Π ⋈ Π Π ⋈ ⋈ ⋈ ⋈ ⋈ ⋈ Π ⋈ Π ⋈ Π ⋈ ⋈ Π Π Π Π Π ⋈ ⋈ ⋈ Π Π Π Π Π ⋈ Π ⋈ Π ⋈ ⋈ Π ⋈ Π ⋈ ⋈ ⋈ Π Π Π Π Π Π ⋈ ⋈ Π Π ⋈ Π Π ⋈ ⋈ ⋈ Π Π Π ⋈ Π ⋈ ⋈ Π ⋈ ⋈ Π ⋈ Π ⋈ ⋈ ⋈ Π ⋈ ⋈ Π ⋈ ⋈ ⋈ ⋈ Π Π ⋈ ⋈ Π ⋈ ⋈ ⋈ Π ⋈ ⋈ Π Π ⋈ ⋈ ⋈ Π ⋈ ⋈ Π Π ⋈
Π Π Π ⋈ Π ⋈ ⋈ Π ⋈ ⋈ ⋈ Π ⋈ Π Π ⋈ ⋈ Π ⋈ Π Π ⋈ ⋈ Π ⋈ Π ⋈ Π Π ⋈ Π ⋈ Π Π Π ⋈ ⋈ Π Π Π Π ⋈ ⋈ Π ⋈ ⋈ ⋈ Π Π Π ⋈ Π Π Π ⋈ Π ⋈ ⋈ Π Π Π ⋈ Π ⋈ Π ⋈ Π Π ⋈ Π Π Π Π Π ⋈ Π ⋈ Π ⋈ Π ⋈ Π ⋈ ⋈ ⋈ Π Π Π Π Π Π ⋈ Π ⋈ Π Π Π Π Π ⋈ ⋈ Π ⋈ Π ⋈ ⋈ ⋈ Π Π Π Π ⋈ ⋈ ⋈ Π Π ⋈ Π ⋈ Π ⋈ ⋈ ⋈ ⋈ Π ⋈ ⋈ ⋈ ⋈ Π ⋈ ⋈ Π Π ⋈ Π Π ⋈ Π ⋈ ⋈ ⋈ ⋈ Π Π ⋈ Π Π ⋈ ⋈ Π Π ⋈ Π ⋈
V
<
∧ SPECIAL NOTE: The pink shaded area of this graph is a duplication of symbols from the graph on page 28.
Stoney Creek Collection, Inc. © 2016
